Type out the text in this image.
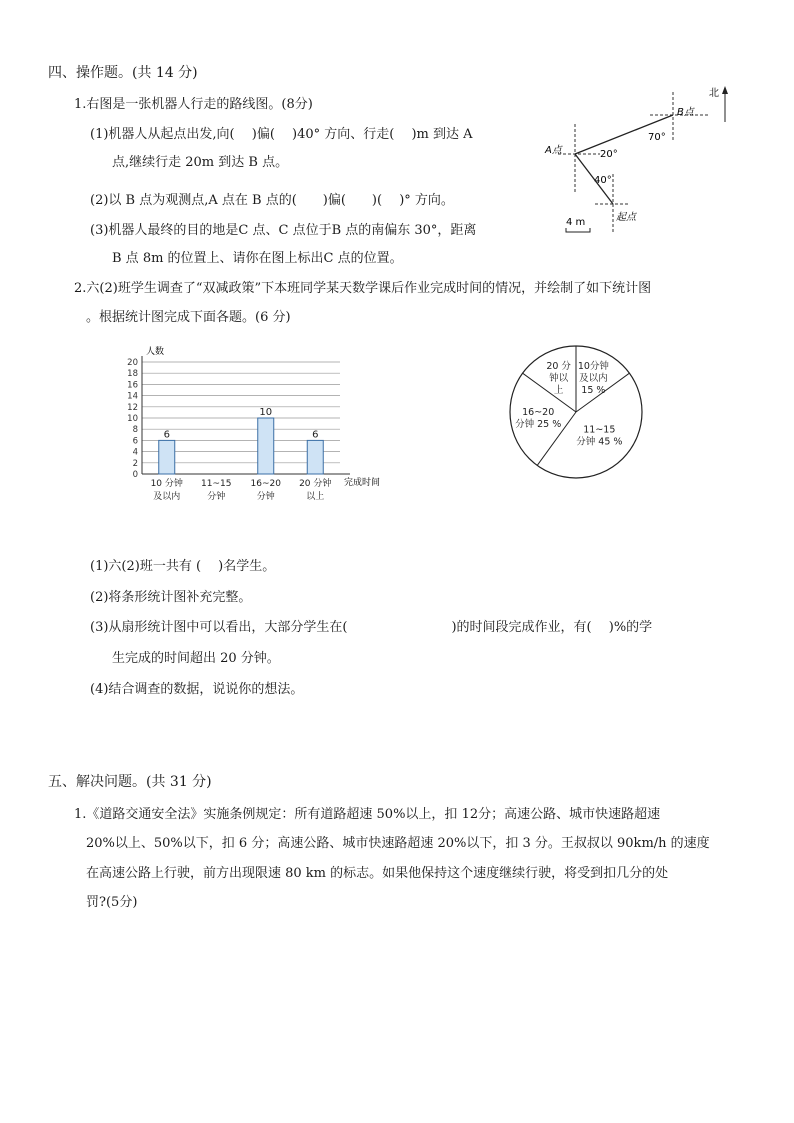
四、操作题。(共 14 分)
1.右图是一张机器人行走的路线图。(8分)
(1)机器人从起点出发,向(　 )偏(　 )40° 方向、行走(　 )m 到达 A
点,继续行走 20m 到达 B 点。
(2)以 B 点为观测点,A 点在 B 点的(　　)偏(　　)(　 )° 方向。
(3)机器人最终的目的地是C 点、C 点位于B 点的南偏东 30°，距离
B 点 8m 的位置上、请你在图上标出C 点的位置。
北
B点
70°
A点	20°
40°
起点
4 m
2.六(2)班学生调查了“双减政策”下本班同学某天数学课后作业完成时间的情况，并绘制了如下统计图
。根据统计图完成下面各题。(6 分)
人数
完成时间
0
2
4
6
8
10
12
14
16
18
20
6
10 分钟
及以内
11~15
分钟
10
16~20
分钟
6
20 分钟
以上
10分钟
及以内
15 %
11~15
分钟 45 %
16~20
分钟 25 %
20 分
钟以
上
(1)六(2)班一共有 (　 )名学生。
(2)将条形统计图补充完整。
(3)从扇形统计图中可以看出，大部分学生在(　　　　　　　　)的时间段完成作业，有(　 )%的学
生完成的时间超出 20 分钟。
(4)结合调查的数据，说说你的想法。
五、解决问题。(共 31 分)
1.《道路交通安全法》实施条例规定：所有道路超速 50%以上，扣 12分；高速公路、城市快速路超速
20%以上、50%以下，扣 6 分；高速公路、城市快速路超速 20%以下，扣 3 分。王叔叔以 90km/h 的速度
在高速公路上行驶，前方出现限速 80 km 的标志。如果他保持这个速度继续行驶，将受到扣几分的处
罚?(5分)
